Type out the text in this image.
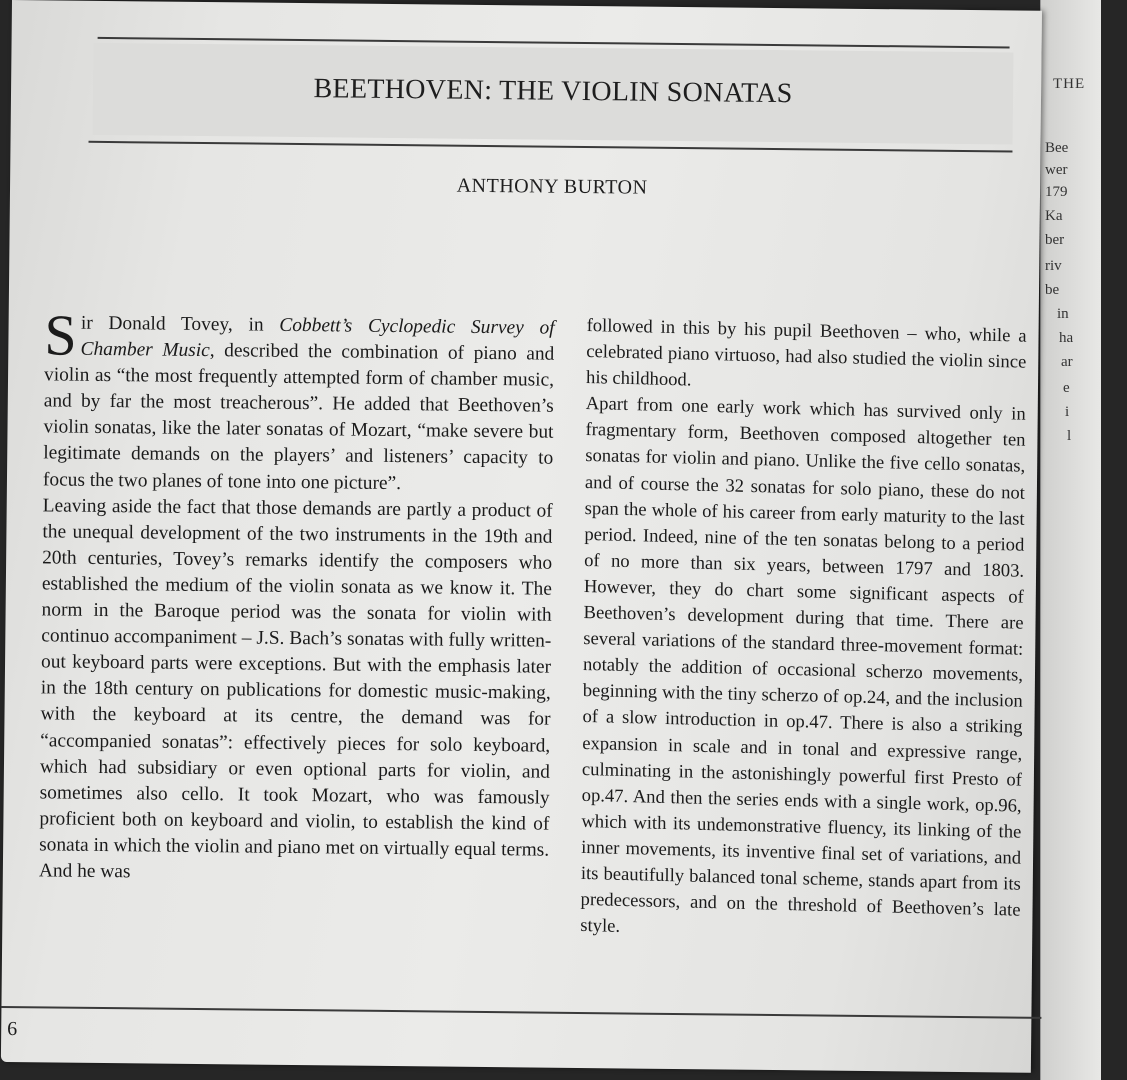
THE
Bee
wer
179
Ka
ber
riv
be
in
ha
ar
e
i
l
BEETHOVEN: THE VIOLIN SONATAS
ANTHONY BURTON

Sir Donald Tovey, in Cobbett’s Cyclopedic Survey of Chamber Music, described the combination of piano and violin as “the most frequently attempted form of chamber music, and by far the most treacherous”. He added that Beethoven’s violin sonatas, like the later sonatas of Mozart, “make severe but legitimate demands on the players’ and listeners’ capacity to focus the two planes of tone into one picture”.

Leaving aside the fact that those demands are partly a product of the unequal development of the two instruments in the 19th and 20th centuries, Tovey’s remarks identify the composers who established the medium of the violin sonata as we know it. The norm in the Baroque period was the sonata for violin with continuo accompaniment – J.S. Bach’s sonatas with fully written-out keyboard parts were exceptions. But with the emphasis later in the 18th century on publications for domestic music-making, with the keyboard at its centre, the demand was for “accompanied sonatas”: effectively pieces for solo keyboard, which had subsidiary or even optional parts for violin, and sometimes also cello. It took Mozart, who was famously proficient both on keyboard and violin, to establish the kind of sonata in which the violin and piano met on virtually equal terms. And he was

followed in this by his pupil Beethoven – who, while a celebrated piano virtuoso, had also studied the violin since his childhood.

Apart from one early work which has survived only in fragmentary form, Beethoven composed altogether ten sonatas for violin and piano. Unlike the five cello sonatas, and of course the 32 sonatas for solo piano, these do not span the whole of his career from early maturity to the last period. Indeed, nine of the ten sonatas belong to a period of no more than six years, between 1797 and 1803. However, they do chart some significant aspects of Beethoven’s development during that time. There are several variations of the standard three-movement format: notably the addition of occasional scherzo movements, beginning with the tiny scherzo of op.24, and the inclusion of a slow introduction in op.47. There is also a striking expansion in scale and in tonal and expressive range, culminating in the astonishingly powerful first Presto of op.47. And then the series ends with a single work, op.96, which with its undemonstrative fluency, its linking of the inner movements, its inventive final set of variations, and its beautifully balanced tonal scheme, stands apart from its predecessors, and on the threshold of Beethoven’s late style.

6
